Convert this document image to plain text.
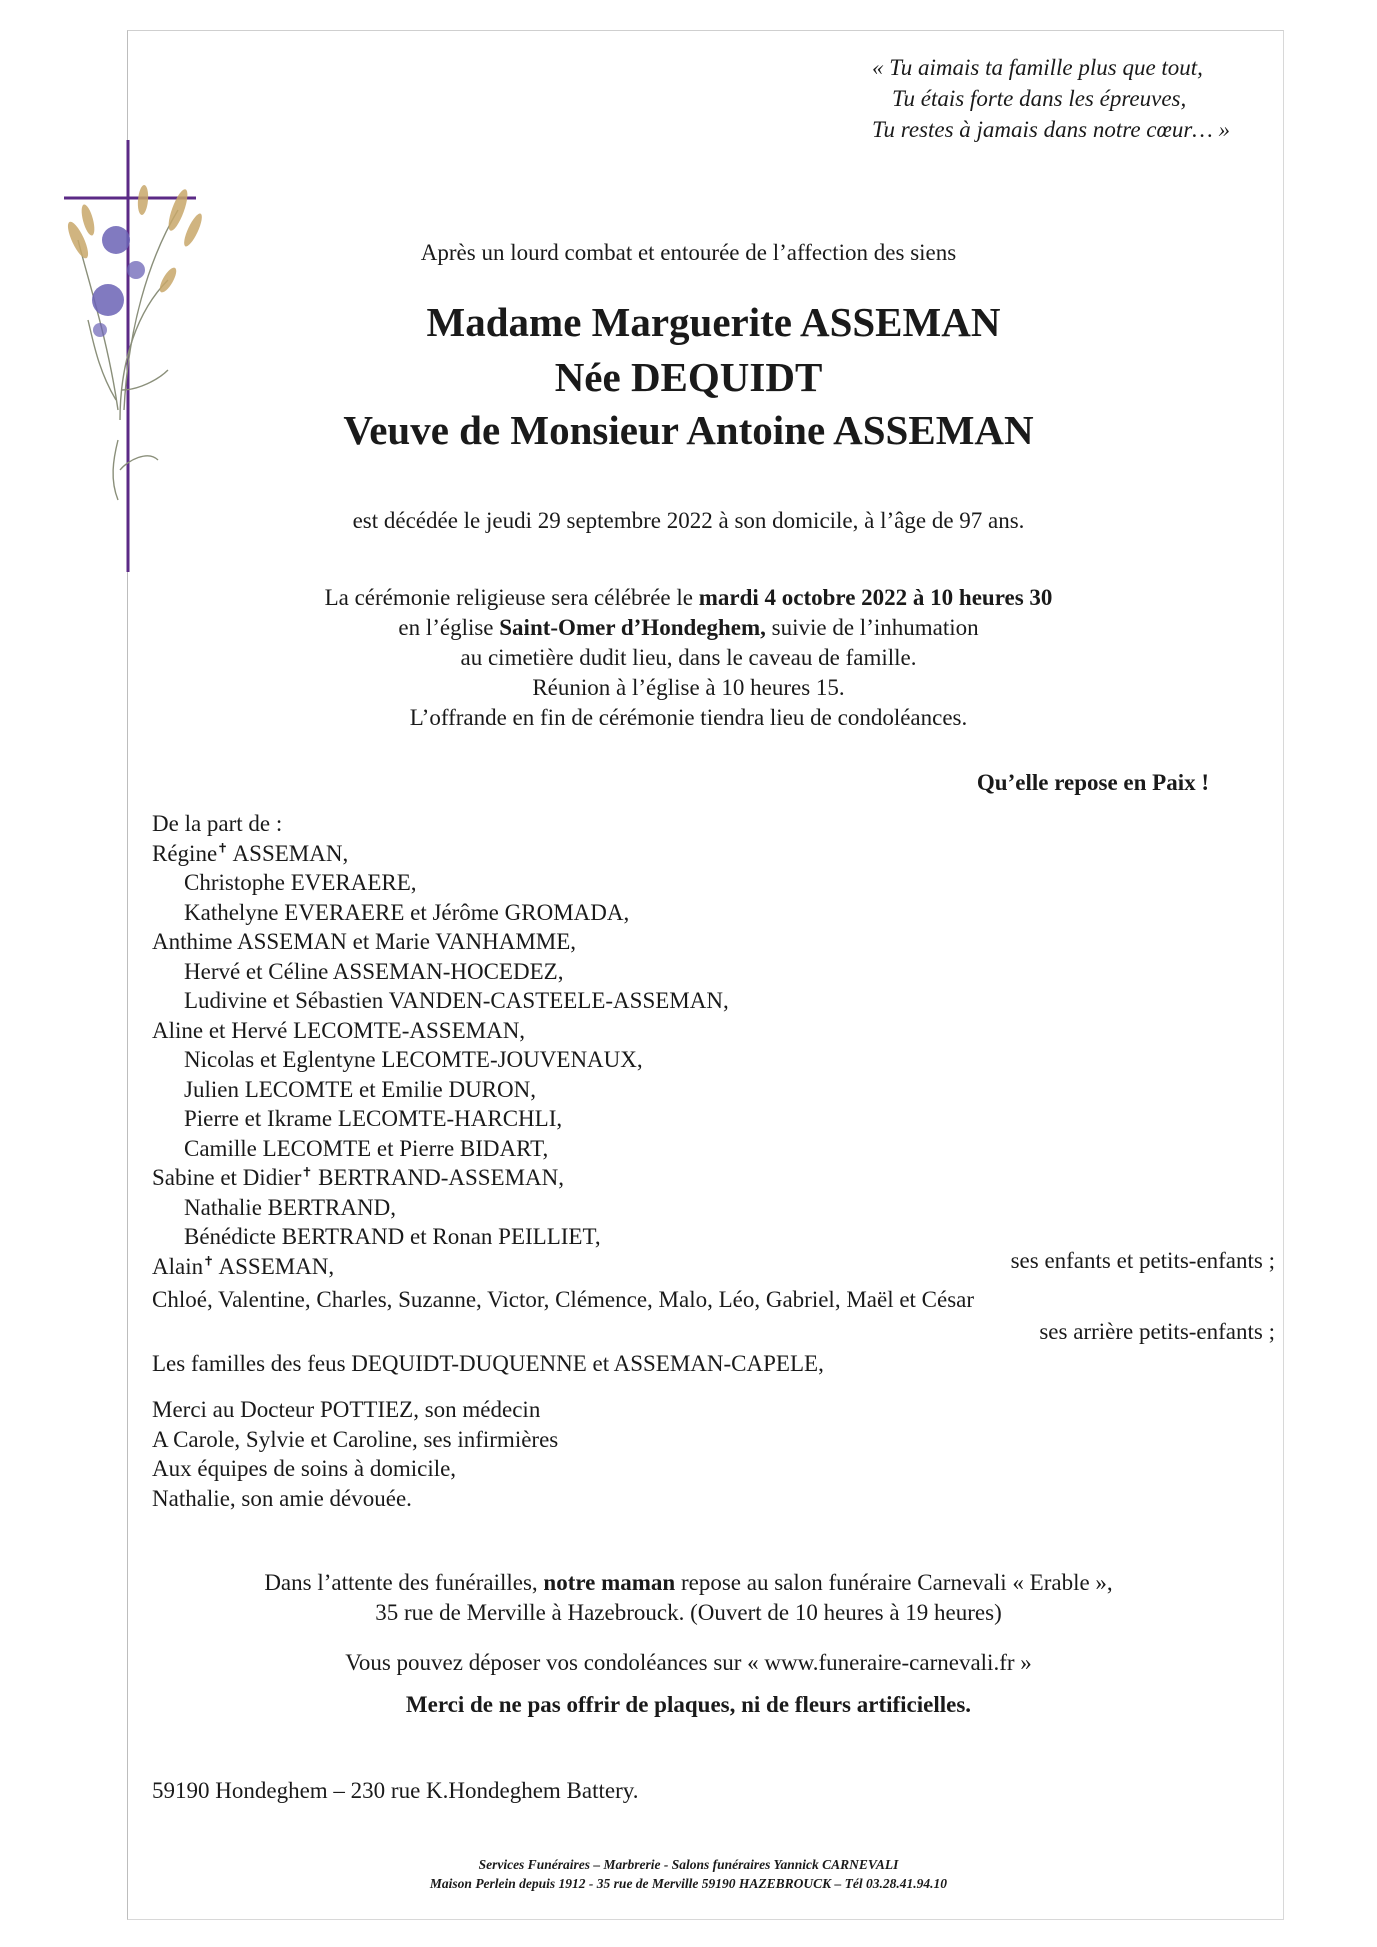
« Tu aimais ta famille plus que tout,
Tu étais forte dans les épreuves,
Tu restes à jamais dans notre cœur… »
Après un lourd combat et entourée de l’affection des siens
Madame Marguerite ASSEMAN
Née DEQUIDT
Veuve de Monsieur Antoine ASSEMAN
est décédée le jeudi 29 septembre 2022 à son domicile, à l’âge de 97 ans.
La cérémonie religieuse sera célébrée le mardi 4 octobre 2022 à 10 heures 30
en l’église Saint-Omer d’Hondeghem, suivie de l’inhumation
au cimetière dudit lieu, dans le caveau de famille.
Réunion à l’église à 10 heures 15.
L’offrande en fin de cérémonie tiendra lieu de condoléances.
Qu’elle repose en Paix !
De la part de :
Régine✝ ASSEMAN,
Christophe EVERAERE,
Kathelyne EVERAERE et Jérôme GROMADA,
Anthime ASSEMAN et Marie VANHAMME,
Hervé et Céline ASSEMAN-HOCEDEZ,
Ludivine et Sébastien VANDEN-CASTEELE-ASSEMAN,
Aline et Hervé LECOMTE-ASSEMAN,
Nicolas et Eglentyne LECOMTE-JOUVENAUX,
Julien LECOMTE et Emilie DURON,
Pierre et Ikrame LECOMTE-HARCHLI,
Camille LECOMTE et Pierre BIDART,
Sabine et Didier✝ BERTRAND-ASSEMAN,
Nathalie BERTRAND,
Bénédicte BERTRAND et Ronan PEILLIET,
Alain✝ ASSEMAN,	ses enfants et petits-enfants ;
Chloé, Valentine, Charles, Suzanne, Victor, Clémence, Malo, Léo, Gabriel, Maël et César
ses arrière petits-enfants ;
Les familles des feus DEQUIDT-DUQUENNE et ASSEMAN-CAPELE,
Merci au Docteur POTTIEZ, son médecin
A Carole, Sylvie et Caroline, ses infirmières
Aux équipes de soins à domicile,
Nathalie, son amie dévouée.
Dans l’attente des funérailles, notre maman repose au salon funéraire Carnevali « Erable »,
35 rue de Merville à Hazebrouck. (Ouvert de 10 heures à 19 heures)
Vous pouvez déposer vos condoléances sur « www.funeraire-carnevali.fr »
Merci de ne pas offrir de plaques, ni de fleurs artificielles.
59190 Hondeghem – 230 rue K.Hondeghem Battery.
Services Funéraires – Marbrerie - Salons funéraires Yannick CARNEVALI
Maison Perlein depuis 1912 - 35 rue de Merville 59190 HAZEBROUCK – Tél 03.28.41.94.10
